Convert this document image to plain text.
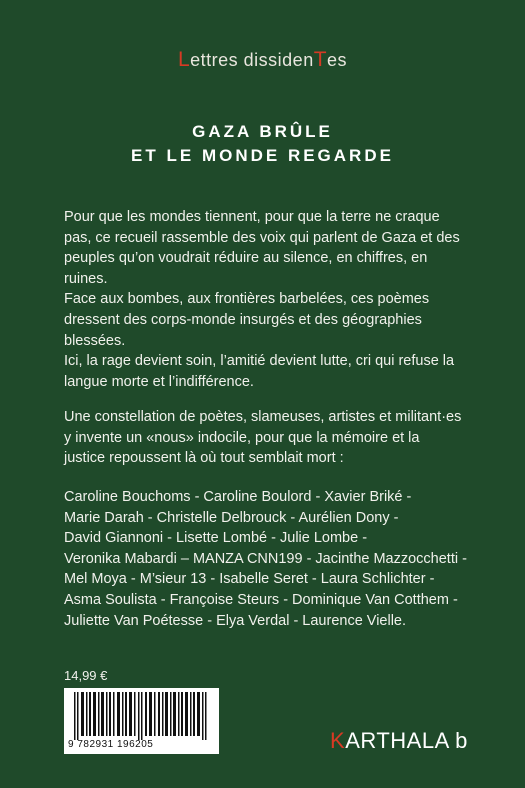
Lettres dissidenTes
GAZA BRÛLE
ET LE MONDE REGARDE
Pour que les mondes tiennent, pour que la terre ne craque
pas, ce recueil rassemble des voix qui parlent de Gaza et des
peuples qu’on voudrait réduire au silence, en chiffres, en
ruines.
Face aux bombes, aux frontières barbelées, ces poèmes
dressent des corps-monde insurgés et des géographies
blessées.
Ici, la rage devient soin, l’amitié devient lutte, cri qui refuse la
langue morte et l’indifférence.
Une constellation de poètes, slameuses, artistes et militant·es
y invente un «nous» indocile, pour que la mémoire et la
justice repoussent là où tout semblait mort :
Caroline Bouchoms - Caroline Boulord - Xavier Briké -
Marie Darah - Christelle Delbrouck - Aurélien Dony -
David Giannoni - Lisette Lombé - Julie Lombe -
Veronika Mabardi – MANZA CNN199 - Jacinthe Mazzocchetti -
Mel Moya - M’sieur 13 - Isabelle Seret - Laura Schlichter -
Asma Soulista - Françoise Steurs - Dominique Van Cotthem -
Juliette Van Poétesse - Elya Verdal - Laurence Vielle.
14,99 €
9 782931 196205	KARTHALA b
